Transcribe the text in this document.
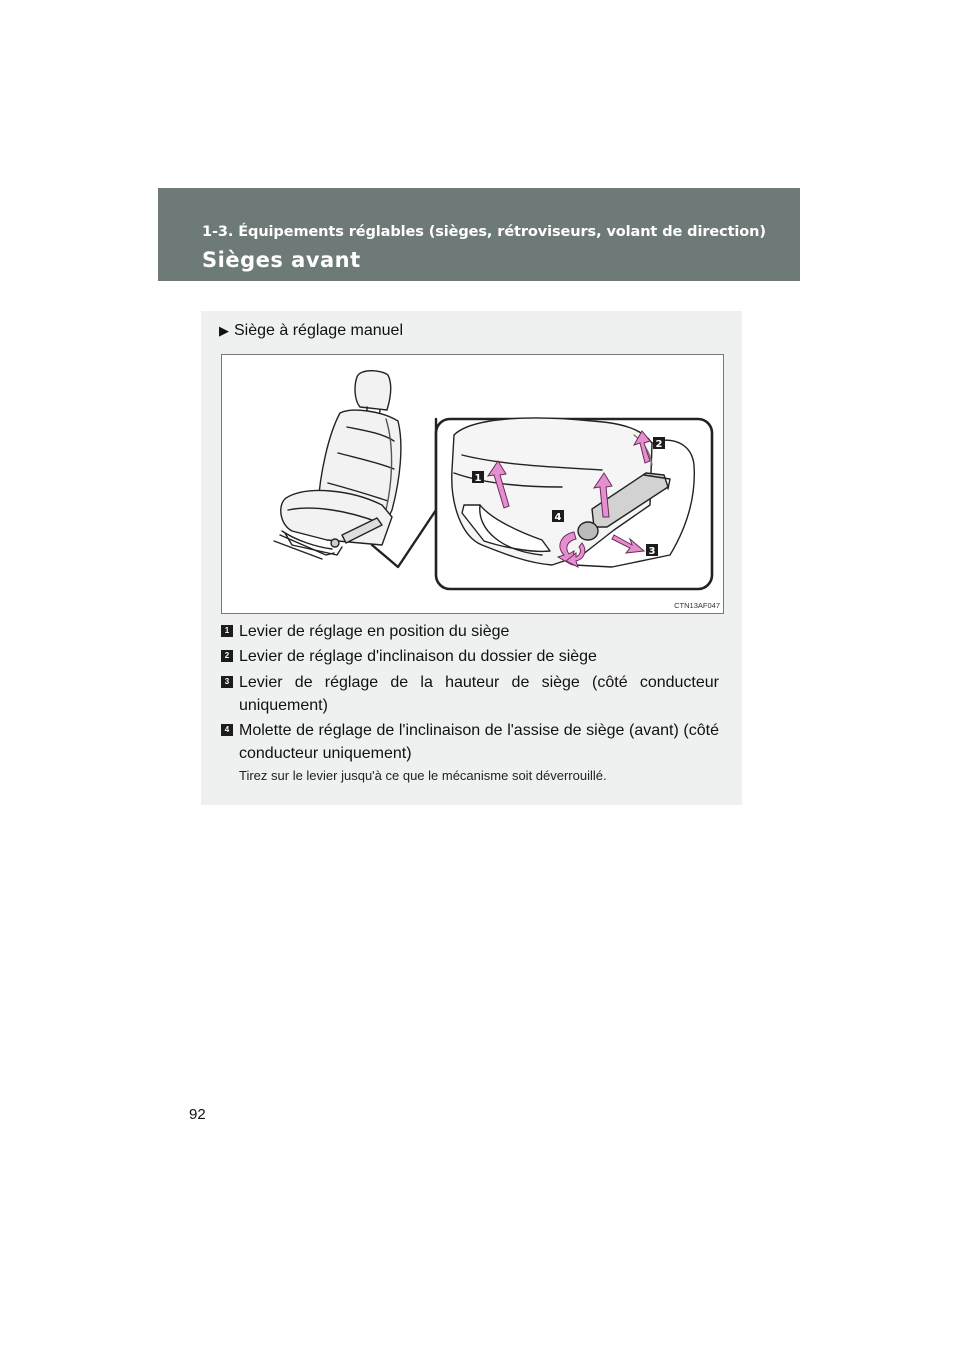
1-3. Équipements réglables (sièges, rétroviseurs, volant de direction)
Sièges avant
▶ Siège à réglage manuel
1
2
3
4
CTN13AF047
1 Levier de réglage en position du siège
2 Levier de réglage d'inclinaison du dossier de siège
3 Levier de réglage de la hauteur de siège (côté conducteur uniquement)
4 Molette de réglage de l'inclinaison de l'assise de siège (avant) (côté conducteur uniquement)
Tirez sur le levier jusqu'à ce que le mécanisme soit déverrouillé.
92
